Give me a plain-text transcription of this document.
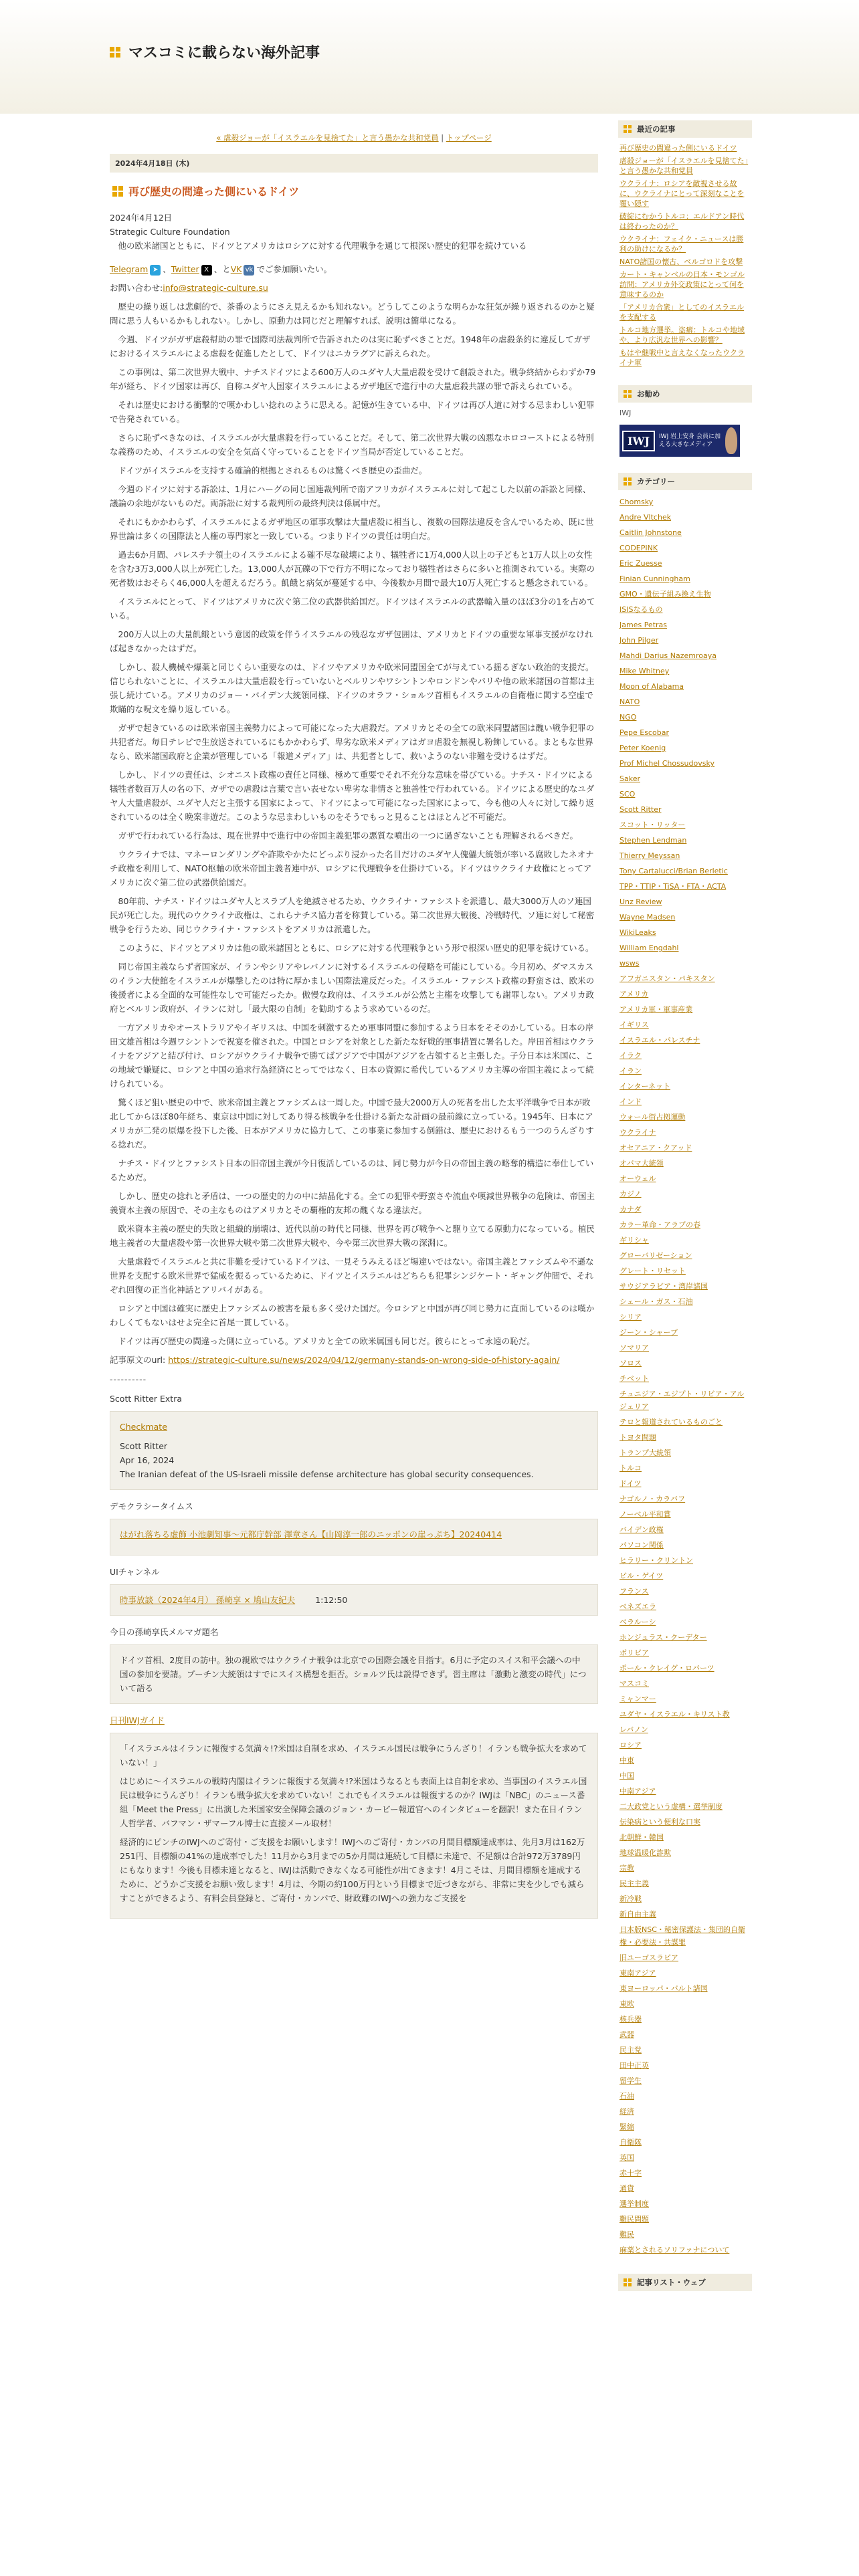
マスコミに載らない海外記事
« 虐殺ジョーが「イスラエルを見捨てた」と言う愚かな共和党員 | トップページ
2024年4月18日 (木)
再び歴史の間違った側にいるドイツ
2024年4月12日
Strategic Culture Foundation

他の欧米諸国とともに、ドイツとアメリカはロシアに対する代理戦争を通じて根深い歴史的犯罪を続けている

Telegram ➤ 、Twitter X 、とVK vk でご参加願いたい。

お問い合わせ:info@strategic-culture.su

歴史の繰り返しは悲劇的で、茶番のようにさえ見えるかも知れない。どうしてこのような明らかな狂気が繰り返されるのかと疑問に思う人もいるかもしれない。しかし、原動力は同じだと理解すれば、説明は簡単になる。

今週、ドイツがガザ虐殺幇助の罪で国際司法裁判所で告訴されたのは実に恥ずべきことだ。1948年の虐殺条約に違反してガザにおけるイスラエルによる虐殺を促進したとして、ドイツはニカラグアに訴えられた。

この事例は、第二次世界大戦中、ナチスドイツによる600万人のユダヤ人大量虐殺を受けて創設された。戦争終結からわずか79年が経ち、ドイツ国家は再び、自称ユダヤ人国家イスラエルによるガザ地区で進行中の大量虐殺共謀の罪で訴えられている。

それは歴史における衝撃的で嘆かわしい捻れのように思える。記憶が生きている中、ドイツは再び人道に対する忌まわしい犯罪で告発されている。

さらに恥ずべきなのは、イスラエルが大量虐殺を行っていることだ。そして、第二次世界大戦の凶悪なホロコーストによる特別な義務のため、イスラエルの安全を気高く守っていることをドイツ当局が否定していることだ。

ドイツがイスラエルを支持する確論的根拠とされるものは驚くべき歴史の歪曲だ。

今週のドイツに対する訴訟は、1月にハーグの同じ国連裁判所で南アフリカがイスラエルに対して起こした以前の訴訟と同様、議論の余地がないものだ。両訴訟に対する裁判所の最終判決は係属中だ。

それにもかかわらず、イスラエルによるガザ地区の軍事攻撃は大量虐殺に相当し、複数の国際法違反を含んでいるため、既に世界世論は多くの国際法と人権の専門家と一致している。つまりドイツの責任は明白だ。

過去6か月間、パレスチナ領土のイスラエルによる確不尽な破壊により、犠牲者に1万4,000人以上の子どもと1万人以上の女性を含む3万3,000人以上が死亡した。13,000人が瓦礫の下で行方不明になっており犠牲者はさらに多いと推測されている。実際の死者数はおそらく46,000人を超えるだろう。飢餓と病気が蔓延する中、今後数か月間で最大10万人死亡すると懸念されている。

イスラエルにとって、ドイツはアメリカに次ぐ第二位の武器供給国だ。ドイツはイスラエルの武器輸入量のほぼ3分の1を占めている。

200万人以上の大量飢餓という意図的政策を伴うイスラエルの残忍なガザ包囲は、アメリカとドイツの重要な軍事支援がなければ起きなかったはずだ。

しかし、殺人機械や爆薬と同じくらい重要なのは、ドイツやアメリカや欧米同盟国全てが与えている揺るぎない政治的支援だ。信じられないことに、イスラエルは大量虐殺を行っていないとベルリンやワシントンやロンドンやパリや他の欧米諸国の首都は主張し続けている。アメリカのジョー・バイデン大統領同様、ドイツのオラフ・ショルツ首相もイスラエルの自衛権に関する空虚で欺瞞的な呪文を繰り返している。

ガザで起きているのは欧米帝国主義勢力によって可能になった大虐殺だ。アメリカとその全ての欧米同盟諸国は醜い戦争犯罪の共犯者だ。毎日テレビで生放送されているにもかかわらず、卑劣な欧米メディアはガヨ虐殺を無視し粉飾している。まともな世界なら、欧米諸国政府と企業が管理している「報道メディア」は、共犯者として、救いようのない非難を受けるはずだ。

しかし、ドイツの責任は、シオニスト政権の責任と同様、極めて重要でそれ不充分な意味を帯びている。ナチス・ドイツによる犠牲者数百万人の名の下、ガザでの虐殺は言葉で言い表せない卑劣な非情さと独善性で行われている。ドイツによる歴史的なユダヤ人大量虐殺が、ユダヤ人だと主張する国家によって、ドイツによって可能になった国家によって、今も他の人々に対して繰り返されているのは全く晩案非遊だ。このような忌まわしいものをそうでもっと見ることはほとんど不可能だ。

ガザで行われている行為は、現在世界中で進行中の帝国主義犯罪の悪質な噴出の一つに過ぎないことも理解されるべきだ。

ウクライナでは、マネーロンダリングや詐欺やかたにどっぷり浸かった名目だけのユダヤ人傀儡大統領が率いる腐敗したネオナチ政権を利用して、NATO枢軸の欧米帝国主義者連中が、ロシアに代理戦争を仕掛けている。ドイツはウクライナ政権にとってアメリカに次ぐ第二位の武器供給国だ。

80年前、ナチス・ドイツはユダヤ人とスラブ人を絶滅させるため、ウクライナ・ファシストを派遣し、最大3000万人のソ連国民が死亡した。現代のウクライナ政権は、これらナチス協力者を称賛している。第二次世界大戦後、冷戦時代、ソ連に対して秘密戦争を行うため、同じウクライナ・ファシストをアメリカは派遣した。

このように、ドイツとアメリカは他の欧米諸国とともに、ロシアに対する代理戦争という形で根深い歴史的犯罪を続けている。

同じ帝国主義ならず者国家が、イランやシリアやレバノンに対するイスラエルの侵略を可能にしている。今月初め、ダマスカスのイラン大使館をイスラエルが爆撃したのは特に厚かましい国際法違反だった。イスラエル・ファシスト政権の野蛮さは、欧米の後援者による全面的な可能性なしで可能だったか。傲慢な政府は、イスラエルが公然と主権を攻撃しても謝罪しない。アメリカ政府とベルリン政府が、イランに対し「最大限の自制」を勧助するよう求めているのだ。

一方アメリカやオーストラリアやイギリスは、中国を刺激するため軍事同盟に参加するよう日本をそそのかしている。日本の岸田文雄首相は今週ワシントンで祝宴を催された。中国とロシアを対象とした新たな好戦的軍事措置に署名した。岸田首相はウクライナをアジアと結び付け、ロシアがウクライナ戦争で勝てばアジアで中国がアジアを占領すると主張した。子分日本は米国に、この地域で嫌疑に、ロシアと中国の追求行為経済にとってではなく、日本の資源に希代しているアメリカ主導の帝国主義によって続けられている。

驚くほど狙い歴史の中で、欧米帝国主義とファシズムは一周した。中国で最大2000万人の死者を出した太平洋戦争で日本が敗北してからほぼ80年経ち、東京は中国に対してあり得る核戦争を仕掛ける新たな計画の最前線に立っている。1945年、日本にアメリカが二発の原爆を投下した後、日本がアメリカに協力して、この事業に参加する倒錯は、歴史におけるもう一つのうんざりする捻れだ。

ナチス・ドイツとファシスト日本の旧帝国主義が今日復活しているのは、同じ勢力が今日の帝国主義の略奪的構造に奉仕しているためだ。

しかし、歴史の捻れと矛盾は、一つの歴史的力の中に結晶化する。全ての犯罪や野蛮さや流血や嘆減世界戦争の危険は、帝国主義資本主義の原因で、その主なものはアメリカとその覇権的友邦の醜くなる違法だ。

欧米資本主義の歴史的失敗と組織的崩壊は、近代以前の時代と同様、世界を再び戦争へと駆り立てる原動力になっている。植民地主義者の大量虐殺や第一次世界大戦や第二次世界大戦や、今や第三次世界大戦の深淵に。

大量虐殺でイスラエルと共に非難を受けているドイツは、一見そうみえるほど場違いではない。帝国主義とファシズムや不遜な世界を支配する欧米世界で猛威を振るっているために、ドイツとイスラエルはどちらも犯罪シンジケート・ギャング仲間で、それぞれ回復の正当化神話とアリバイがある。

ロシアと中国は確実に歴史上ファシズムの被害を最も多く受けた国だ。今ロシアと中国が再び同じ勢力に直面しているのは嘆かわしくてもないはせよ完全に首尾一貫している。

ドイツは再び歴史の間違った側に立っている。アメリカと全ての欧米属国も同じだ。彼らにとって永遠の恥だ。

記事原文のurl: https://strategic-culture.su/news/2024/04/12/germany-stands-on-wrong-side-of-history-again/

----------
Scott Ritter Extra
Checkmate
Scott Ritter
Apr 16, 2024
The Iranian defeat of the US-Israeli missile defense architecture has global security consequences.
デモクラシータイムス
はがれ落ちる虚飾 小池劇知事〜元都庁幹部 澤章さん【山岡淳一郎のニッポンの崖っぷち】20240414
UIチャンネル
時事放談（2024年4月） 孫崎享 × 鳩山友紀夫 1:12:50
今日の孫崎享氏メルマガ題名
ドイツ首相、2度目の訪中。独の親欧ではウクライナ戦争は北京での国際会議を目指す。6月に予定のスイス和平会議への中国の参加を要請。プーチン大統領はすでにスイス構想を拒否。ショルツ氏は説得できず。習主席は「激動と激変の時代」について語る
日刊IWJガイド

「イスラエルはイランに報復する気満々!?米国は自制を求め、イスラエル国民は戦争にうんざり！イランも戦争拡大を求めていない！」

はじめに〜イスラエルの戦時内閣はイランに報復する気満々!?米国はうなるとも表面上は自制を求め、当事国のイスラエル国民は戦争にうんざり！イランも戦争拡大を求めていない！これでもイスラエルは報復するのか？IWJは「NBC」のニュース番組「Meet the Press」に出演した米国家安全保障会議のジョン・カービー報道官へのインタビューを翻訳！また在日イラン人哲学者、バフマン・ザマーフル博士に直接メール取材！

経済的にピンチのIWJへのご寄付・ご支援をお願いします！IWJへのご寄付・カンパの月間目標額達成率は、先月3月は162万251円、目標額の41%の達成率でした！11月から3月までの5か月間は連続して目標に未達で、不足額は合計972万3789円にもなります！今後も目標未達となると、IWJは活動できなくなる可能性が出てきます！4月こそは、月間目標額を達成するために、どうかご支援をお願い致します！4月は、今期の約100万円という目標まで近づきながら、非常に実を少しでも減らすことができるよう、有料会員登録と、ご寄付・カンパで、財政難のIWJへの強力なご支援を

最近の記事
再び歴史の間違った側にいるドイツ
虐殺ジョーが「イスラエルを見捨てた」と言う愚かな共和党員
ウクライナ：ロシアを敵視させる故に、ウクライナにとって深刻なことを覆い隠す
破綻にむかうトルコ：エルドアン時代は終わったのか？
ウクライナ：フェイク・ニュースは勝利の助けになるか？
NATO諸国の懐古、ベルゴロドを攻撃
カート・キャンベルの日本・モンゴル訪問：アメリカ外交政策にとって何を意味するのか
「アメリカ合衆」としてのイスラエルを支配する
トルコ地方選挙。盗癖：トルコや地域や、より広汎な世界への影響？
もはや継戦中と言えなくなったウクライナ軍
お勧め
IWJ
IWJ	IWJ 岩上安身 会員に加える大きなメディア
カテゴリー
Chomsky
Andre Vltchek
Caitlin Johnstone
CODEPINK
Eric Zuesse
Finian Cunningham
GMO・遺伝子組み換え生物
ISISなるもの
James Petras
John Pilger
Mahdi Darius Nazemroaya
Mike Whitney
Moon of Alabama
NATO
NGO
Pepe Escobar
Peter Koenig
Prof Michel Chossudovsky
Saker
SCO
Scott Ritter
スコット・リッター
Stephen Lendman
Thierry Meyssan
Tony Cartalucci/Brian Berletic
TPP・TTIP・TiSA・FTA・ACTA
Unz Review
Wayne Madsen
WikiLeaks
William Engdahl
wsws
アフガニスタン・パキスタン
アメリカ
アメリカ軍・軍事産業
イギリス
イスラエル・パレスチナ
イラク
イラン
インターネット
インド
ウォール街占拠運動
ウクライナ
オセアニア・クアッド
オバマ大統領
オーウェル
カジノ
カナダ
カラー革命・アラブの春
ギリシャ
グローバリゼーション
グレート・リセット
サウジアラビア・湾岸諸国
シェール・ガス・石油
シリア
ジーン・シャープ
ソマリア
ソロス
チベット
チュニジア・エジプト・リビア・アルジェリア
テロと報道されているものごと
トヨタ問題
トランプ大統領
トルコ
ドイツ
ナゴルノ・カラバフ
ノーベル平和賞
バイデン政権
パソコン関係
ヒラリー・クリントン
ビル・ゲイツ
フランス
ベネズエラ
ベラルーシ
ホンジュラス・クーデター
ボリビア
ポール・クレイグ・ロバーツ
マスコミ
ミャンマー
ユダヤ・イスラエル・キリスト教
レバノン
ロシア
中東
中国
中南アジア
二大政党という虚構・選挙制度
伝染病という便利な口実
北朝鮮・韓国
地球温暖化詐欺
宗教
民主主義
新冷戦
新自由主義
日本版NSC・秘密保護法・集団的自衛権・必要法・共謀罪
旧ユーゴスラビア
東南アジア
東ヨーロッパ・バルト諸国
東欧
核兵器
武器
民主党
田中正英
留学生
石油
経済
緊縮
自衛隊
英国
赤十字
通貨
選挙制度
難民問題
難民
麻薬とされるソリファナについて
記事リスト・ウェブ
